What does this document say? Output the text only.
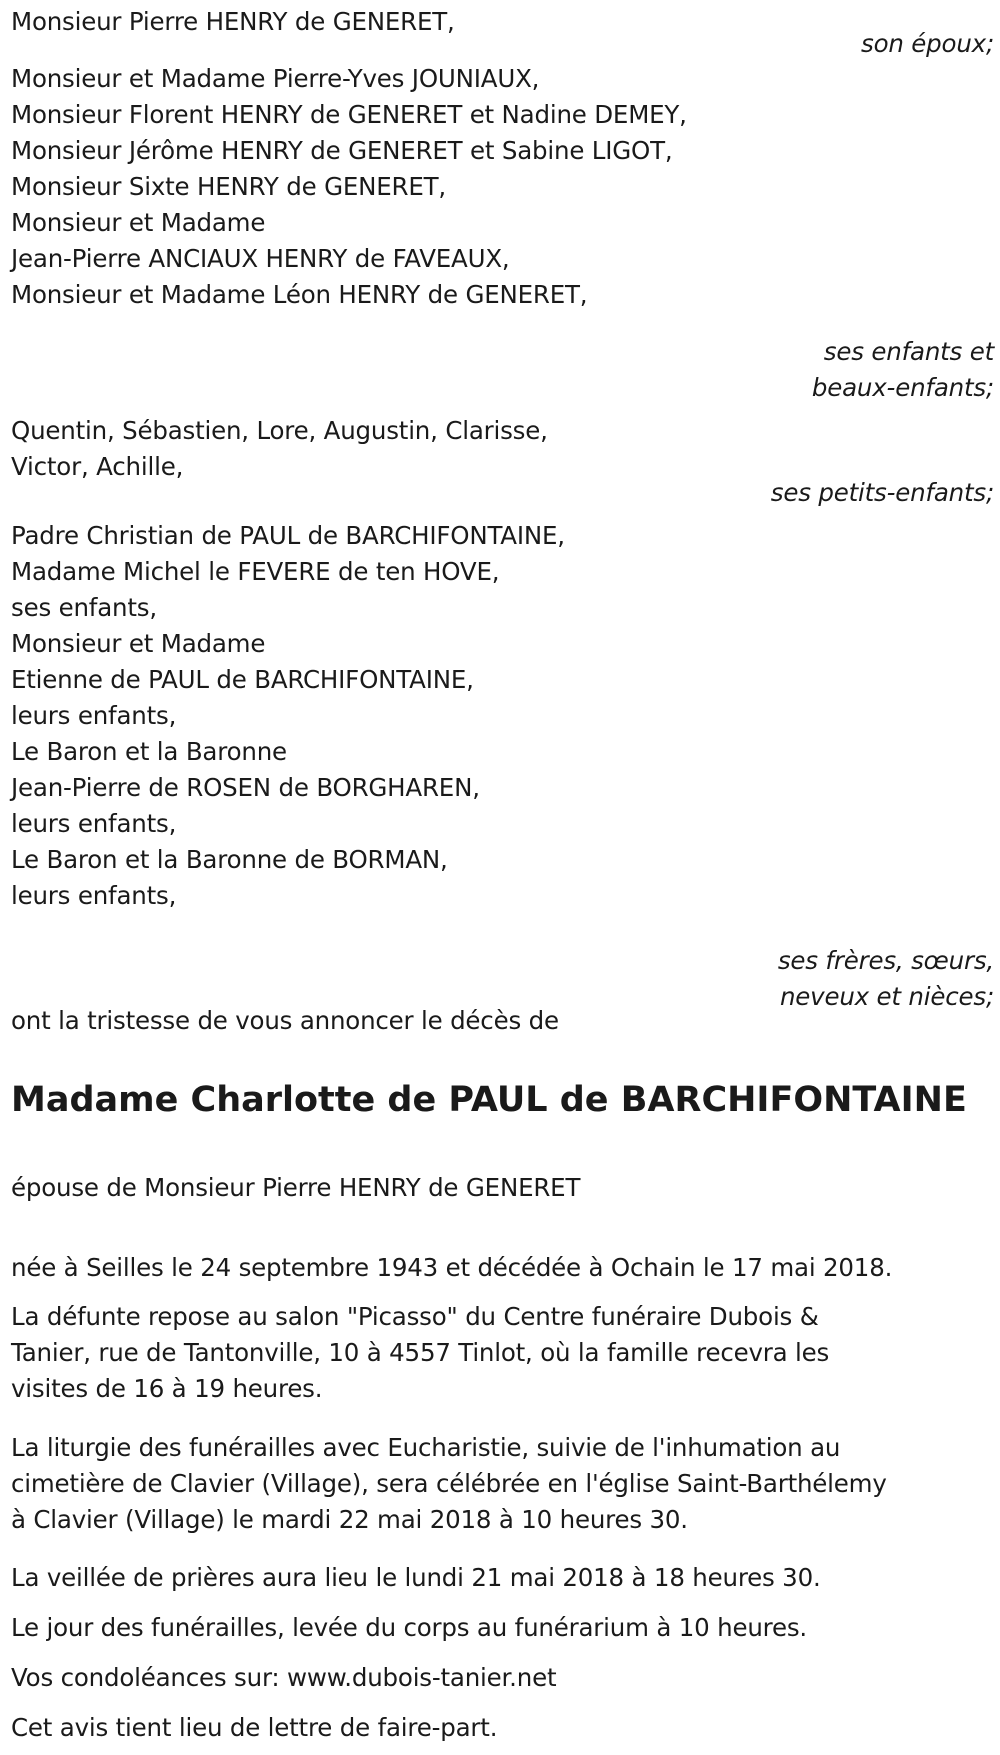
Monsieur Pierre HENRY de GENERET,
son époux;
Monsieur et Madame Pierre-Yves JOUNIAUX,
Monsieur Florent HENRY de GENERET et Nadine DEMEY,
Monsieur Jérôme HENRY de GENERET et Sabine LIGOT,
Monsieur Sixte HENRY de GENERET,
Monsieur et Madame
Jean-Pierre ANCIAUX HENRY de FAVEAUX,
Monsieur et Madame Léon HENRY de GENERET,
ses enfants et
beaux-enfants;
Quentin, Sébastien, Lore, Augustin, Clarisse,
Victor, Achille,
ses petits-enfants;
Padre Christian de PAUL de BARCHIFONTAINE,
Madame Michel le FEVERE de ten HOVE,
ses enfants,
Monsieur et Madame
Etienne de PAUL de BARCHIFONTAINE,
leurs enfants,
Le Baron et la Baronne
Jean-Pierre de ROSEN de BORGHAREN,
leurs enfants,
Le Baron et la Baronne de BORMAN,
leurs enfants,
ses frères, sœurs,
neveux et nièces;
ont la tristesse de vous annoncer le décès de
Madame Charlotte de PAUL de BARCHIFONTAINE
épouse de Monsieur Pierre HENRY de GENERET
née à Seilles le 24 septembre 1943 et décédée à Ochain le 17 mai 2018.
La défunte repose au salon "Picasso" du Centre funéraire Dubois &
Tanier, rue de Tantonville, 10 à 4557 Tinlot, où la famille recevra les
visites de 16 à 19 heures.
La liturgie des funérailles avec Eucharistie, suivie de l'inhumation au
cimetière de Clavier (Village), sera célébrée en l'église Saint-Barthélemy
à Clavier (Village) le mardi 22 mai 2018 à 10 heures 30.
La veillée de prières aura lieu le lundi 21 mai 2018 à 18 heures 30.
Le jour des funérailles, levée du corps au funérarium à 10 heures.
Vos condoléances sur: www.dubois-tanier.net
Cet avis tient lieu de lettre de faire-part.
